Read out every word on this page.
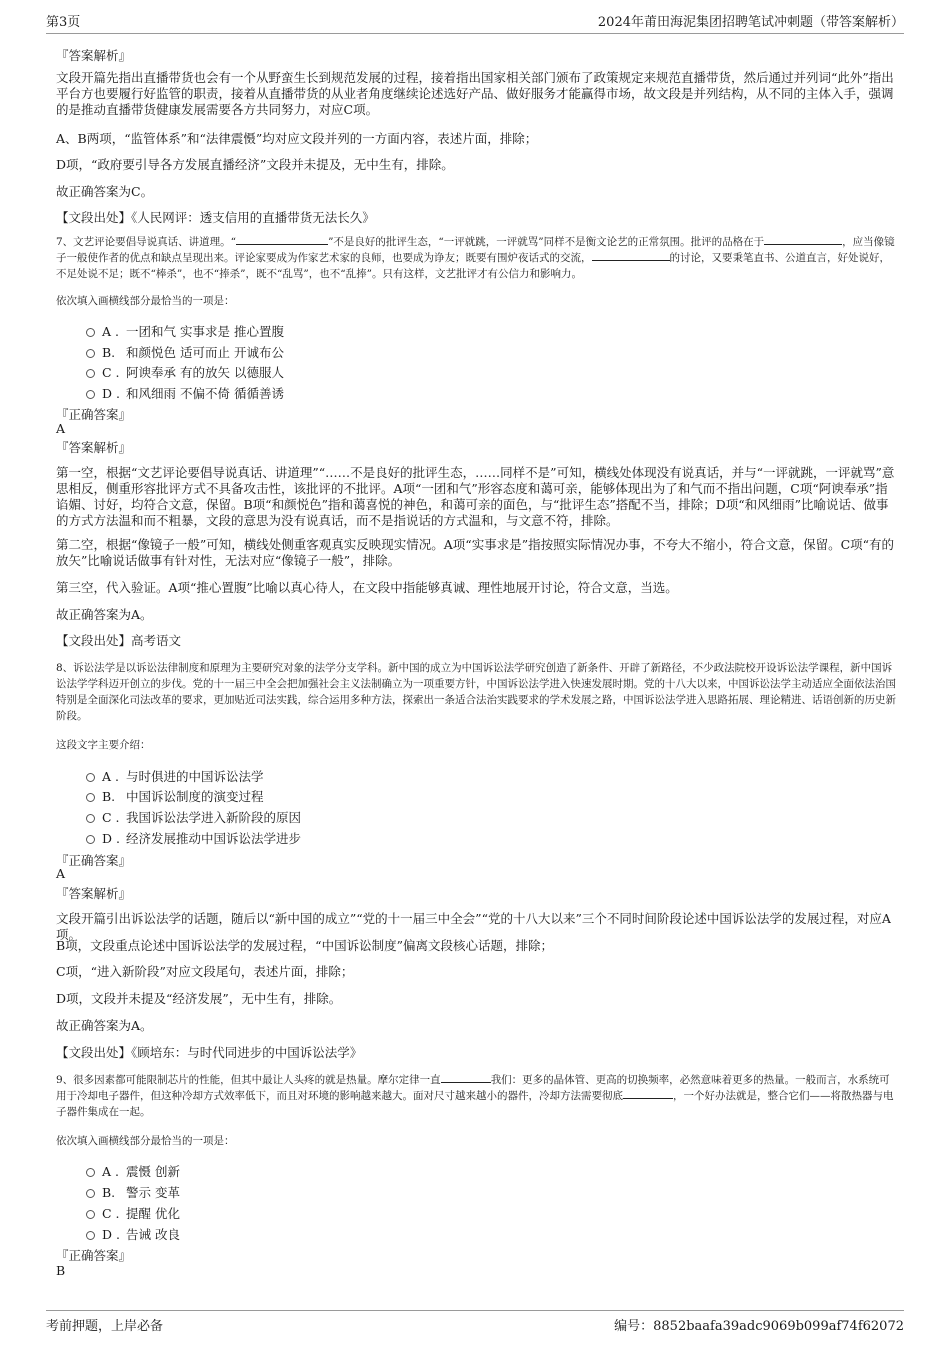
第3页	2024年莆田海泥集团招聘笔试冲刺题（带答案解析）
『答案解析』
文段开篇先指出直播带货也会有一个从野蛮生长到规范发展的过程，接着指出国家相关部门颁布了政策规定来规范直播带货，然后通过并列词“此外”指出平台方也要履行好监管的职责，接着从直播带货的从业者角度继续论述选好产品、做好服务才能赢得市场，故文段是并列结构，从不同的主体入手，强调的是推动直播带货健康发展需要各方共同努力，对应C项。
A、B两项，“监管体系”和“法律震慑”均对应文段并列的一方面内容，表述片面，排除；
D项，“政府要引导各方发展直播经济”文段并未提及，无中生有，排除。
故正确答案为C。
【文段出处】《人民网评：透支信用的直播带货无法长久》
7、文艺评论要倡导说真话、讲道理。“	”不是良好的批评生态，“一评就跳，一评就骂”同样不是衡文论艺的正常氛围。批评的品格在于	，应当像镜子一般使作者的优点和缺点呈现出来。评论家要成为作家艺术家的良师，也要成为诤友；既要有围炉夜话式的交流，	的讨论，又要秉笔直书、公道直言，好处说好，不足处说不足；既不“棒杀”，也不“捧杀”，既不“乱骂”，也不“乱捧”。只有这样，文艺批评才有公信力和影响力。
依次填入画横线部分最恰当的一项是：
A . 一团和气 实事求是 推心置腹
B. 和颜悦色 适可而止 开诚布公
C . 阿谀奉承 有的放矢 以德服人
D . 和风细雨 不偏不倚 循循善诱
『正确答案』
A
『答案解析』
第一空，根据“文艺评论要倡导说真话、讲道理”“……不是良好的批评生态，……同样不是”可知，横线处体现没有说真话，并与“一评就跳，一评就骂”意思相反，侧重形容批评方式不具备攻击性，该批评的不批评。A项“一团和气”形容态度和蔼可亲，能够体现出为了和气而不指出问题，C项“阿谀奉承”指谄媚、讨好，均符合文意，保留。B项“和颜悦色”指和蔼喜悦的神色，和蔼可亲的面色，与“批评生态”搭配不当，排除；D项“和风细雨”比喻说话、做事的方式方法温和而不粗暴，文段的意思为没有说真话，而不是指说话的方式温和，与文意不符，排除。
第二空，根据“像镜子一般”可知，横线处侧重客观真实反映现实情况。A项“实事求是”指按照实际情况办事，不夸大不缩小，符合文意，保留。C项“有的放矢”比喻说话做事有针对性，无法对应“像镜子一般”，排除。
第三空，代入验证。A项“推心置腹”比喻以真心待人，在文段中指能够真诚、理性地展开讨论，符合文意，当选。
故正确答案为A。
【文段出处】高考语文
8、诉讼法学是以诉讼法律制度和原理为主要研究对象的法学分支学科。新中国的成立为中国诉讼法学研究创造了新条件、开辟了新路径，不少政法院校开设诉讼法学课程，新中国诉讼法学学科迈开创立的步伐。党的十一届三中全会把加强社会主义法制确立为一项重要方针，中国诉讼法学进入快速发展时期。党的十八大以来，中国诉讼法学主动适应全面依法治国特别是全面深化司法改革的要求，更加贴近司法实践，综合运用多种方法，探索出一条适合法治实践要求的学术发展之路，中国诉讼法学进入思路拓展、理论精进、话语创新的历史新阶段。
这段文字主要介绍：
A . 与时俱进的中国诉讼法学
B. 中国诉讼制度的演变过程
C . 我国诉讼法学进入新阶段的原因
D . 经济发展推动中国诉讼法学进步
『正确答案』
A
『答案解析』
文段开篇引出诉讼法学的话题，随后以“新中国的成立”“党的十一届三中全会”“党的十八大以来”三个不同时间阶段论述中国诉讼法学的发展过程，对应A项。
B项，文段重点论述中国诉讼法学的发展过程，“中国诉讼制度”偏离文段核心话题，排除；
C项，“进入新阶段”对应文段尾句，表述片面，排除；
D项，文段并未提及“经济发展”，无中生有，排除。
故正确答案为A。
【文段出处】《顾培东：与时代同进步的中国诉讼法学》
9、很多因素都可能限制芯片的性能，但其中最让人头疼的就是热量。摩尔定律一直	我们：更多的晶体管、更高的切换频率，必然意味着更多的热量。一般而言，水系统可用于冷却电子器件，但这种冷却方式效率低下，而且对环境的影响越来越大。面对尺寸越来越小的器件，冷却方法需要彻底	，一个好办法就是，整合它们——将散热器与电子器件集成在一起。
依次填入画横线部分最恰当的一项是：
A . 震慑 创新
B. 警示 变革
C . 提醒 优化
D . 告诫 改良
『正确答案』
B
考前押题，上岸必备	编号：8852baafa39adc9069b099af74f62072
